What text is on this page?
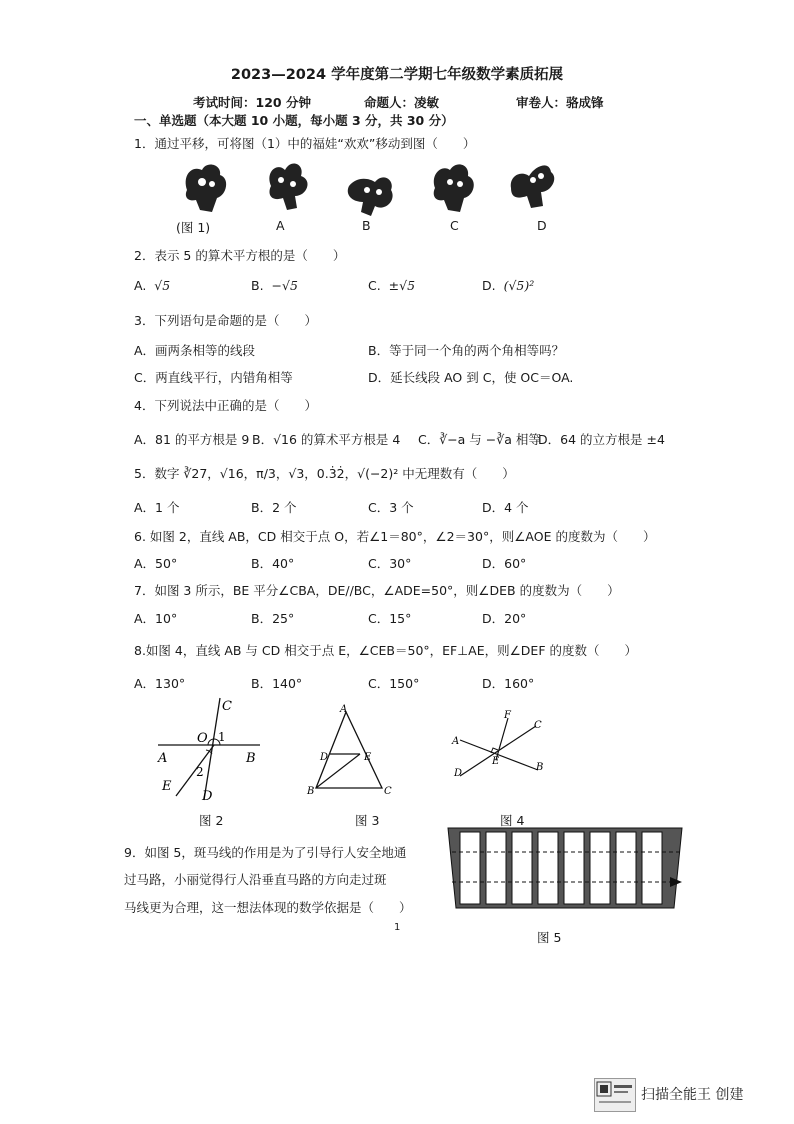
2023—2024 学年度第二学期七年级数学素质拓展
考试时间：120 分钟	命题人：凌敏	审卷人：骆成锋
一、单选题（本大题 10 小题，每小题 3 分，共 30 分）
1．通过平移，可将图（1）中的福娃“欢欢”移动到图（　　）
(图 1)	A	B	C	D
2．表示 5 的算术平方根的是（　　）
A. √5	B. −√5	C. ±√5	D. (√5)²
3．下列语句是命题的是（　　）
A．画两条相等的线段	B．等于同一个角的两个角相等吗？
C．两直线平行，内错角相等	D．延长线段 AO 到 C，使 OC＝OA.
4．下列说法中正确的是（　　）
A．81 的平方根是 9 B．√16 的算术平方根是 4 C．∛−a 与 −∛a 相等
D．64 的立方根是 ±4
5．数字 ∛27，√16，π/3，√3，0.3̇2̇，√(−2)² 中无理数有（　　）
A．1 个	B．2 个	C．3 个	D．4 个
6. 如图 2，直线 AB，CD 相交于点 O，若∠1＝80°，∠2＝30°，则∠AOE 的度数为（　　）
A．50°	B．40°	C．30°	D．60°
7．如图 3 所示，BE 平分∠CBA，DE//BC，∠ADE=50°，则∠DEB 的度数为（　　）
A．10°	B．25°	C．15°	D．20°
8.如图 4，直线 AB 与 CD 相交于点 E，∠CEB＝50°，EF⊥AE，则∠DEF 的度数（　　）
A．130°	B．140°	C．150°	D．160°
C
O 1
A	B
E
2
D
图 2
A
D	E
B	C
图 3
F
C
A
E
B
D
图 4
9．如图 5，斑马线的作用是为了引导行人安全地通
过马路，小丽觉得行人沿垂直马路的方向走过斑
马线更为合理，这一想法体现的数学依据是（　　）
图 5
1
扫描全能王 创建
